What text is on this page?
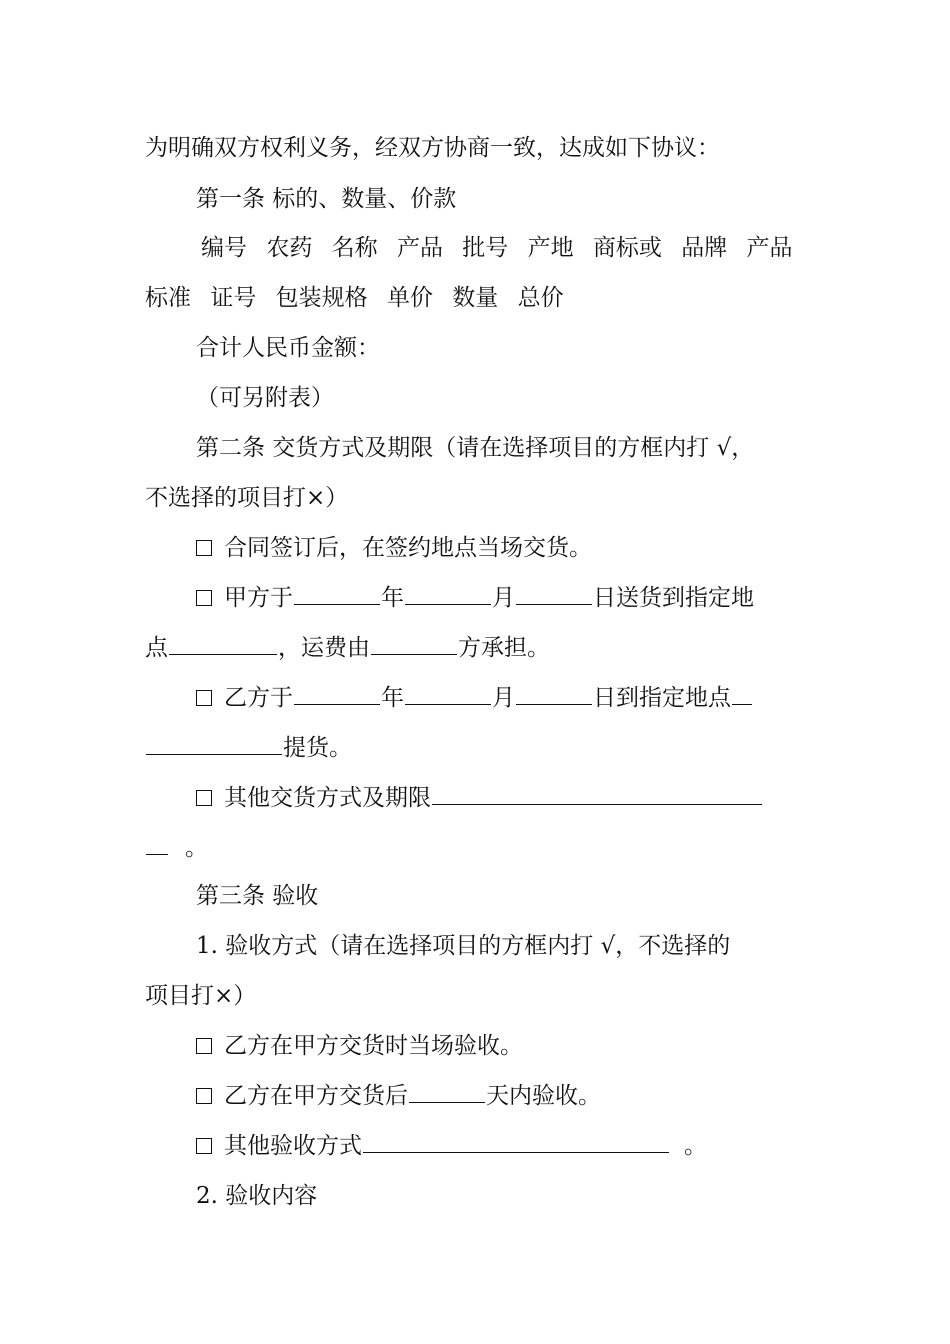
为明确双方权利义务，经双方协商一致，达成如下协议：
第一条 标的、数量、价款
编号 农药 名称 产品 批号 产地 商标或 品牌 产品
标准 证号 包装规格 单价 数量 总价
合计人民币金额：
（可另附表）
第二条 交货方式及期限（请在选择项目的方框内打 √，
不选择的项目打×）
合同签订后，在签约地点当场交货。
甲方于	年	月	日送货到指定地
点	，运费由	方承担。
乙方于	年	月	日到指定地点
提货。
其他交货方式及期限
。
第三条 验收
1. 验收方式（请在选择项目的方框内打 √，不选择的
项目打×）
乙方在甲方交货时当场验收。
乙方在甲方交货后	天内验收。
其他验收方式	。
2. 验收内容
